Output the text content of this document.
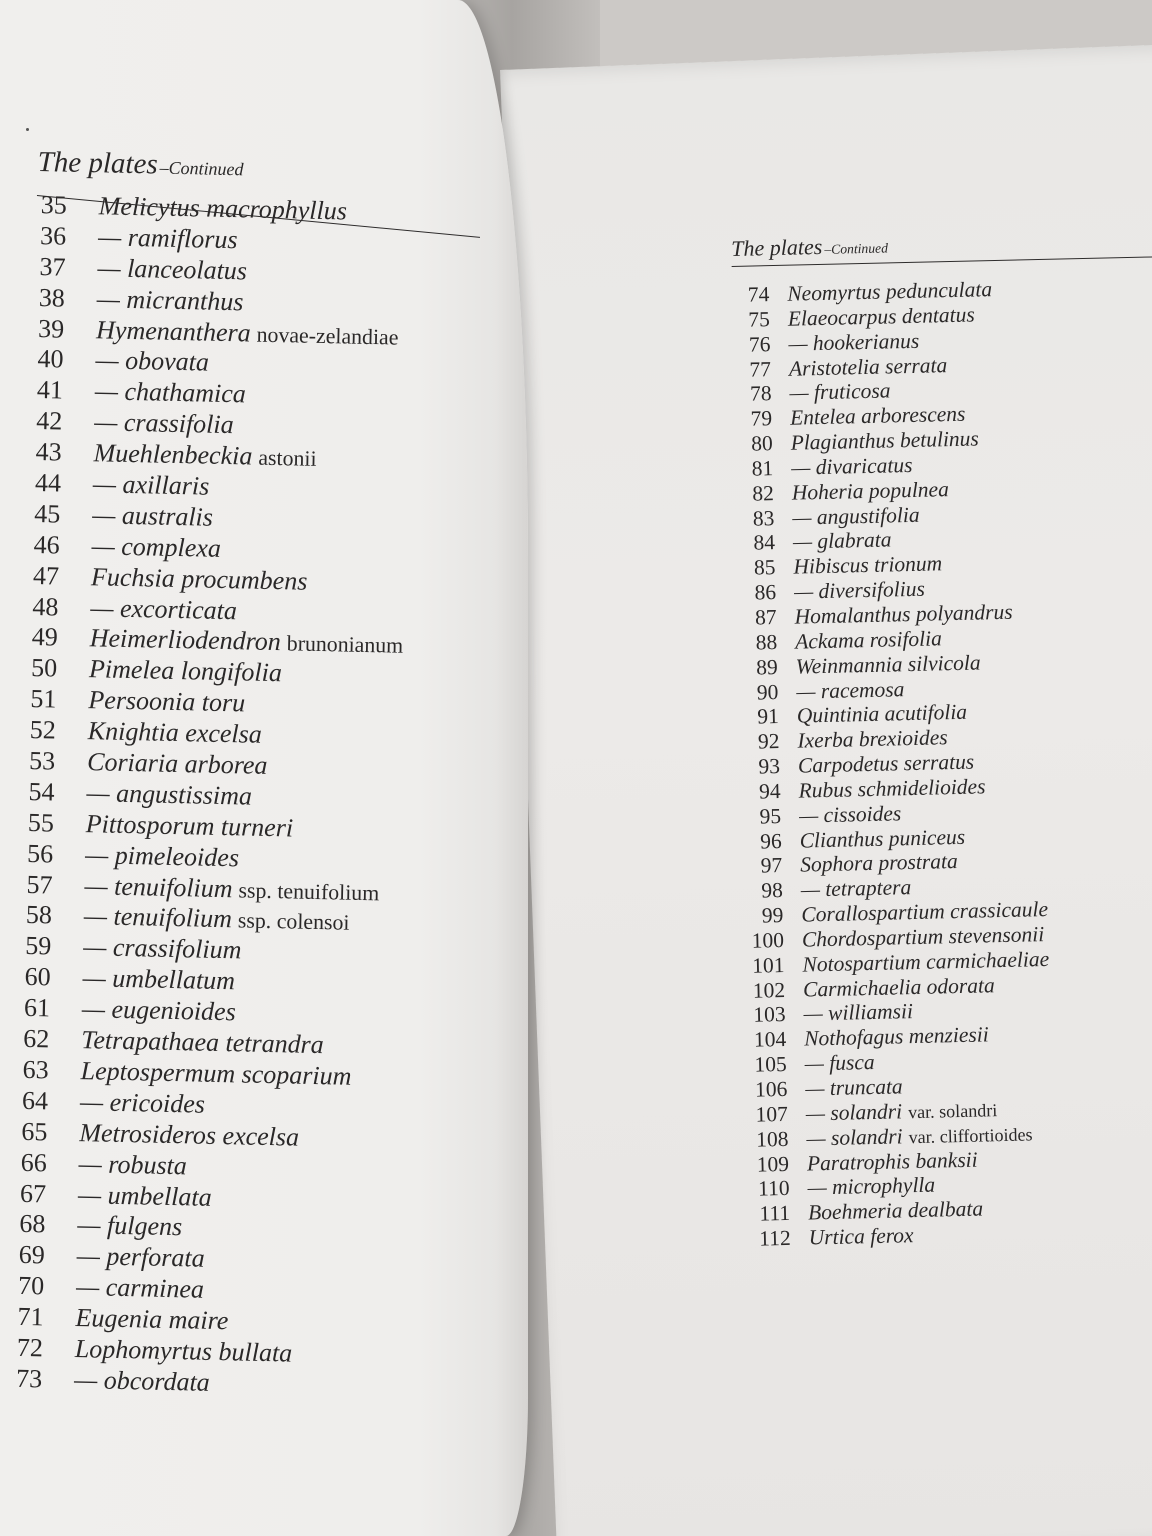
The plates –Continued
74 Neomyrtus pedunculata
75 Elaeocarpus dentatus
76 — hookerianus
77 Aristotelia serrata
78 — fruticosa
79 Entelea arborescens
80 Plagianthus betulinus
81 — divaricatus
82 Hoheria populnea
83 — angustifolia
84 — glabrata
85 Hibiscus trionum
86 — diversifolius
87 Homalanthus polyandrus
88 Ackama rosifolia
89 Weinmannia silvicola
90 — racemosa
91 Quintinia acutifolia
92 Ixerba brexioides
93 Carpodetus serratus
94 Rubus schmidelioides
95 — cissoides
96 Clianthus puniceus
97 Sophora prostrata
98 — tetraptera
99 Corallospartium crassicaule
100 Chordospartium stevensonii
101 Notospartium carmichaeliae
102 Carmichaelia odorata
103 — williamsii
104 Nothofagus menziesii
105 — fusca
106 — truncata
107 — solandri var. solandri
108 — solandri var. cliffortioides
109 Paratrophis banksii
110 — microphylla
111 Boehmeria dealbata
112 Urtica ferox
The plates–Continued
35 Melicytus macrophyllus
36 — ramiflorus
37 — lanceolatus
38 — micranthus
39 Hymenanthera novae-zelandiae
40 — obovata
41 — chathamica
42 — crassifolia
43 Muehlenbeckia astonii
44 — axillaris
45 — australis
46 — complexa
47 Fuchsia procumbens
48 — excorticata
49 Heimerliodendron brunonianum
50 Pimelea longifolia
51 Persoonia toru
52 Knightia excelsa
53 Coriaria arborea
54 — angustissima
55 Pittosporum turneri
56 — pimeleoides
57 — tenuifolium ssp. tenuifolium
58 — tenuifolium ssp. colensoi
59 — crassifolium
60 — umbellatum
61 — eugenioides
62 Tetrapathaea tetrandra
63 Leptospermum scoparium
64 — ericoides
65 Metrosideros excelsa
66 — robusta
67 — umbellata
68 — fulgens
69 — perforata
70 — carminea
71 Eugenia maire
72 Lophomyrtus bullata
73 — obcordata
